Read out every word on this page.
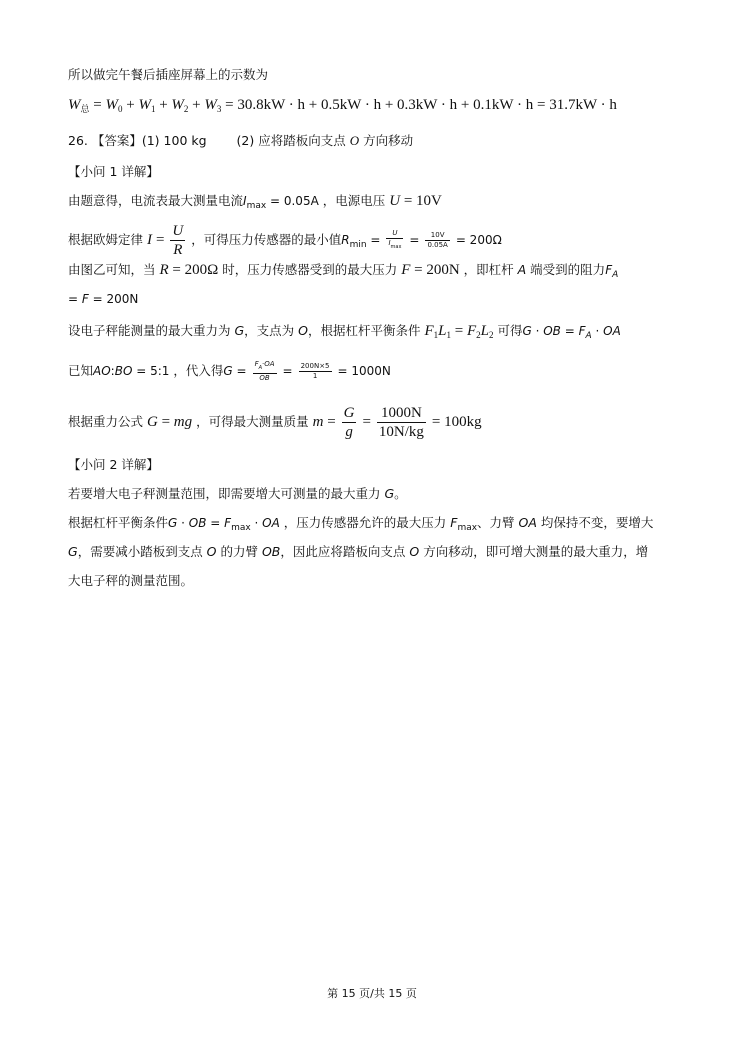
所以做完午餐后插座屏幕上的示数为
$W_总 = W_0 + W_1 + W_2 + W_3 = 30.8kW \cdot h + 0.5kW \cdot h + 0.3kW \cdot h + 0.1kW \cdot h = 31.7kW \cdot h$
26. 【答案】(1) 100 kg (2) 应将踏板向支点 O 方向移动
【小问 1 详解】
由题意得，电流表最大测量电流$I_{max} = 0.05A$ ，电源电压 U = 10V
根据欧姆定律 $I = \frac{U}{R}$ ，可得压力传感器的最小值$R_{min} = \frac{U}{I_{max}} = \frac{10V}{0.05A} = 200\Omega$
由图乙可知，当 R = 200Ω 时，压力传感器受到的最大压力 F = 200N ，即杠杆 A 端受到的阻力$F_A$
= F = 200N
设电子秤能测量的最大重力为 G，支点为 O，根据杠杆平衡条件 $F_1L_1 = F_2L_2$ 可得G · OB = $F_A$ · OA
已知AO:BO = 5:1 ，代入得$G = \frac{F_A\cdot OA}{OB} = \frac{200N\times 5}{1} = 1000N$
根据重力公式 G = mg ，可得最大测量质量 $m = \frac{G}{g} = \frac{1000N}{10N/kg} = 100kg$
【小问 2 详解】
若要增大电子秤测量范围，即需要增大可测量的最大重力 G。
根据杠杆平衡条件G · OB = $F_{max}$ · OA ，压力传感器允许的最大压力 $F_{max}$、力臂 OA 均保持不变，要增大
G，需要减小踏板到支点 O 的力臂 OB，因此应将踏板向支点 O 方向移动，即可增大测量的最大重力，增
大电子秤的测量范围。
第 15 页/共 15 页
